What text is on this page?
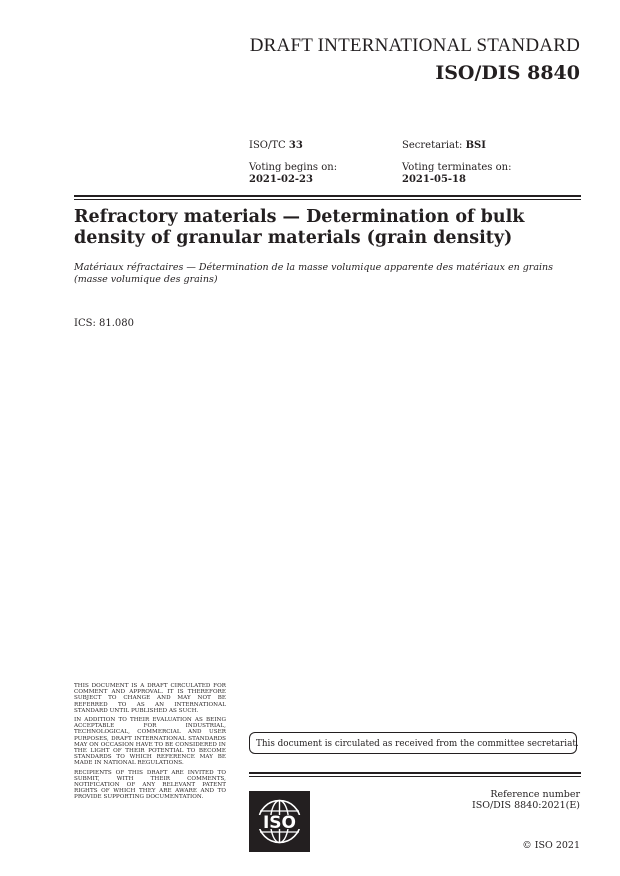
DRAFT INTERNATIONAL STANDARD
ISO/DIS 8840
ISO/TC 33	Secretariat: BSI
Voting begins on:
2021-02-23
Voting terminates on:
2021-05-18
Refractory materials — Determination of bulk density of granular materials (grain density)
Matériaux réfractaires — Détermination de la masse volumique apparente des matériaux en grains (masse volumique des grains)
ICS: 81.080

THIS DOCUMENT IS A DRAFT CIRCULATED FOR COMMENT AND APPROVAL. IT IS THEREFORE SUBJECT TO CHANGE AND MAY NOT BE REFERRED TO AS AN INTERNATIONAL STANDARD UNTIL PUBLISHED AS SUCH.

IN ADDITION TO THEIR EVALUATION AS BEING ACCEPTABLE FOR INDUSTRIAL, TECHNOLOGICAL, COMMERCIAL AND USER PURPOSES, DRAFT INTERNATIONAL STANDARDS MAY ON OCCASION HAVE TO BE CONSIDERED IN THE LIGHT OF THEIR POTENTIAL TO BECOME STANDARDS TO WHICH REFERENCE MAY BE MADE IN NATIONAL REGULATIONS.

RECIPIENTS OF THIS DRAFT ARE INVITED TO SUBMIT, WITH THEIR COMMENTS, NOTIFICATION OF ANY RELEVANT PATENT RIGHTS OF WHICH THEY ARE AWARE AND TO PROVIDE SUPPORTING DOCUMENTATION.

This document is circulated as received from the committee secretariat.
ISO
Reference number
ISO/DIS 8840:2021(E)
© ISO 2021
